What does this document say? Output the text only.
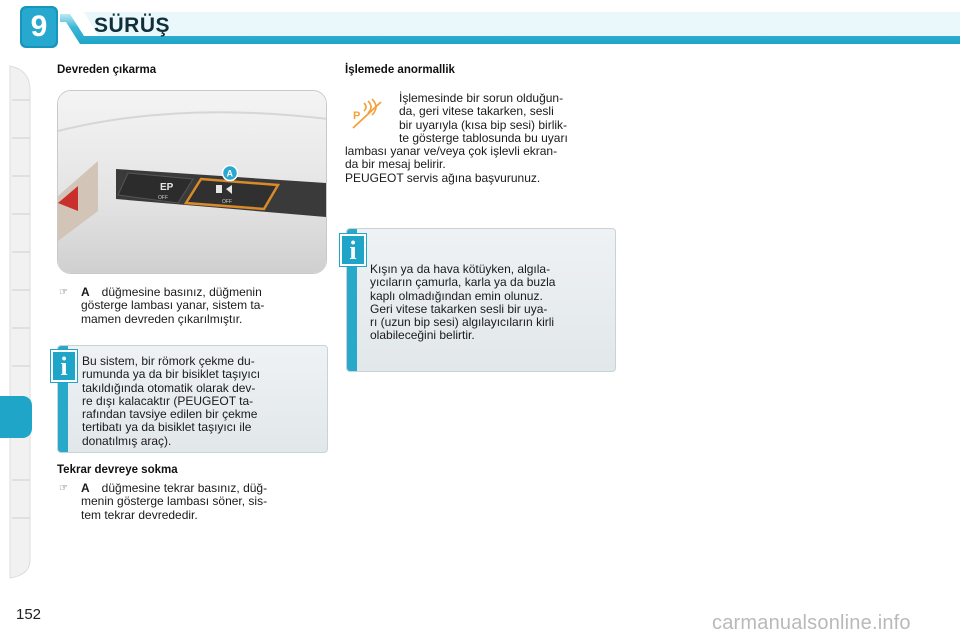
9 SÜRÜŞ
Devreden çıkarma
EP
OFF
OFF
A
☞ A düğmesine basınız, düğmenin
gösterge lambası yanar, sistem ta-
mamen devreden çıkarılmıştır.
Bu sistem, bir römork çekme du-
rumunda ya da bir bisiklet taşıyıcı
takıldığında otomatik olarak dev-
re dışı kalacaktır (PEUGEOT ta-
rafından tavsiye edilen bir çekme
tertibatı ya da bisiklet taşıyıcı ile
donatılmış araç).
i
Tekrar devreye sokma
☞ A düğmesine tekrar basınız, düğ-
menin gösterge lambası söner, sis-
tem tekrar devrededir.
İşlemede anormallik
P
İşlemesinde bir sorun olduğun-
da, geri vitese takarken, sesli
bir uyarıyla (kısa bip sesi) birlik-
te gösterge tablosunda bu uyarı
lambası yanar ve/veya çok işlevli ekran-
da bir mesaj belirir.
PEUGEOT servis ağına başvurunuz.
Kışın ya da hava kötüyken, algıla-
yıcıların çamurla, karla ya da buzla
kaplı olmadığından emin olunuz.
Geri vitese takarken sesli bir uya-
rı (uzun bip sesi) algılayıcıların kirli
olabileceğini belirtir.
i
152	carmanualsonline.info
